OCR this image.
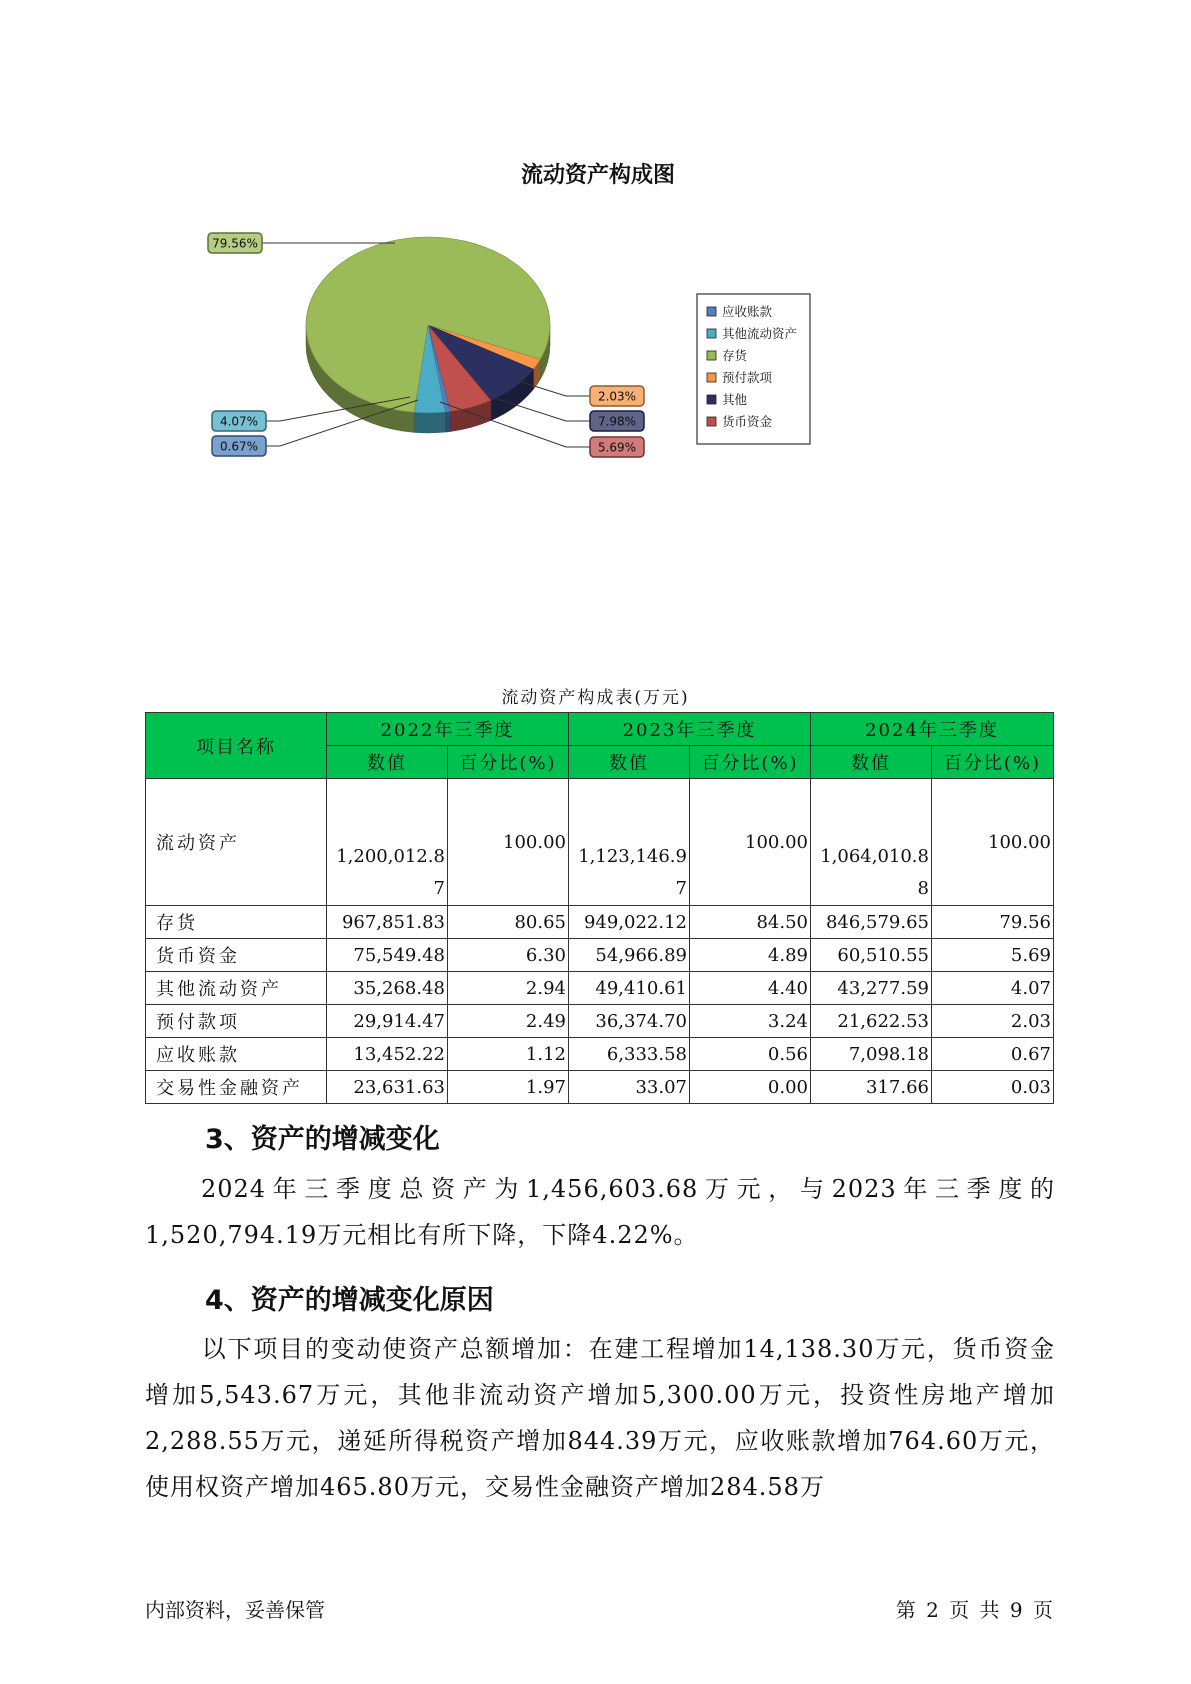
流动资产构成图
0.67%
4.07%
79.56%
2.03%
7.98%
5.69%
应收账款
其他流动资产
存货
预付款项
其他
货币资金
流动资产构成表(万元)
项目名称	2022年三季度		2023年三季度		2024年三季度	
	数值	百分比(%)	数值	百分比(%)	数值	百分比(%)
流动资产	1,200,012.87	100.00	1,123,146.97	100.00	1,064,010.88	100.00
存货	967,851.83	80.65	949,022.12	84.50	846,579.65	79.56
货币资金	75,549.48	6.30	54,966.89	4.89	60,510.55	5.69
其他流动资产	35,268.48	2.94	49,410.61	4.40	43,277.59	4.07
预付款项	29,914.47	2.49	36,374.70	3.24	21,622.53	2.03
应收账款	13,452.22	1.12	6,333.58	0.56	7,098.18	0.67
交易性金融资产	23,631.63	1.97	33.07	0.00	317.66	0.03
3、资产的增减变化
2024年三季度总资产为1,456,603.68万元，与2023年三季度的1,520,794.19万元相比有所下降，下降4.22%。
4、资产的增减变化原因
以下项目的变动使资产总额增加：在建工程增加14,138.30万元，货币资金增加5,543.67万元，其他非流动资产增加5,300.00万元，投资性房地产增加2,288.55万元，递延所得税资产增加844.39万元，应收账款增加764.60万元，使用权资产增加465.80万元，交易性金融资产增加284.58万
内部资料，妥善保管	第 2 页 共 9 页
